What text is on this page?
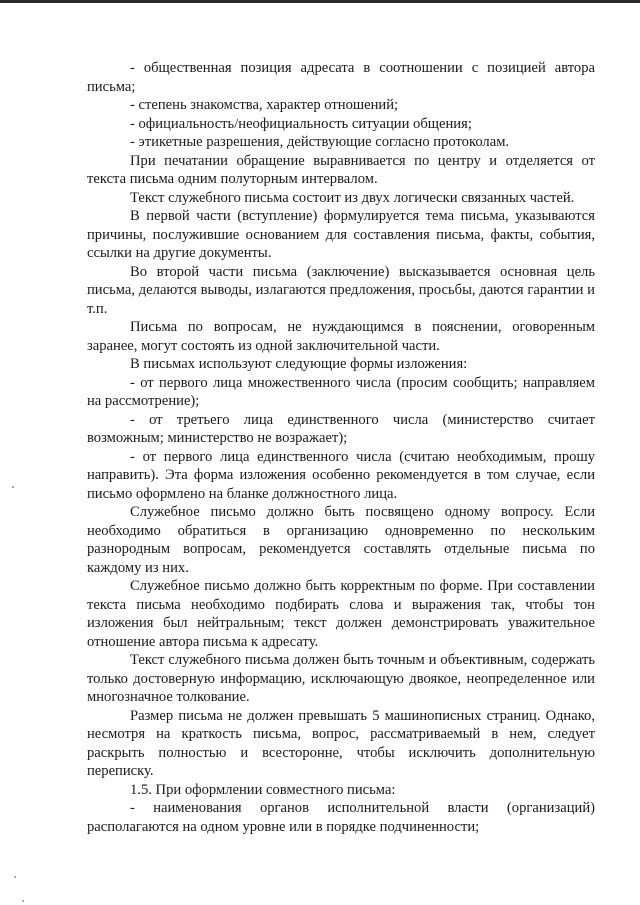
- общественная позиция адресата в соотношении с позицией автора письма;

- степень знакомства, характер отношений;

- официальность/неофициальность ситуации общения;

- этикетные разрешения, действующие согласно протоколам.

При печатании обращение выравнивается по центру и отделяется от текста письма одним полуторным интервалом.

Текст служебного письма состоит из двух логически связанных частей.

В первой части (вступление) формулируется тема письма, указываются причины, послужившие основанием для составления письма, факты, события, ссылки на другие документы.

Во второй части письма (заключение) высказывается основная цель письма, делаются выводы, излагаются предложения, просьбы, даются гарантии и т.п.

Письма по вопросам, не нуждающимся в пояснении, оговоренным заранее, могут состоять из одной заключительной части.

В письмах используют следующие формы изложения:

- от первого лица множественного числа (просим сообщить; направляем на рассмотрение);

- от третьего лица единственного числа (министерство считает возможным; министерство не возражает);

- от первого лица единственного числа (считаю необходимым, прошу направить). Эта форма изложения особенно рекомендуется в том случае, если письмо оформлено на бланке должностного лица.

Служебное письмо должно быть посвящено одному вопросу. Если необходимо обратиться в организацию одновременно по нескольким разнородным вопросам, рекомендуется составлять отдельные письма по каждому из них.

Служебное письмо должно быть корректным по форме. При составлении текста письма необходимо подбирать слова и выражения так, чтобы тон изложения был нейтральным; текст должен демонстрировать уважительное отношение автора письма к адресату.

Текст служебного письма должен быть точным и объективным, содержать только достоверную информацию, исключающую двоякое, неопределенное или многозначное толкование.

Размер письма не должен превышать 5 машинописных страниц. Однако, несмотря на краткость письма, вопрос, рассматриваемый в нем, следует раскрыть полностью и всесторонне, чтобы исключить дополнительную переписку.

1.5. При оформлении совместного письма:

- наименования органов исполнительной власти (организаций) располагаются на одном уровне или в порядке подчиненности;
